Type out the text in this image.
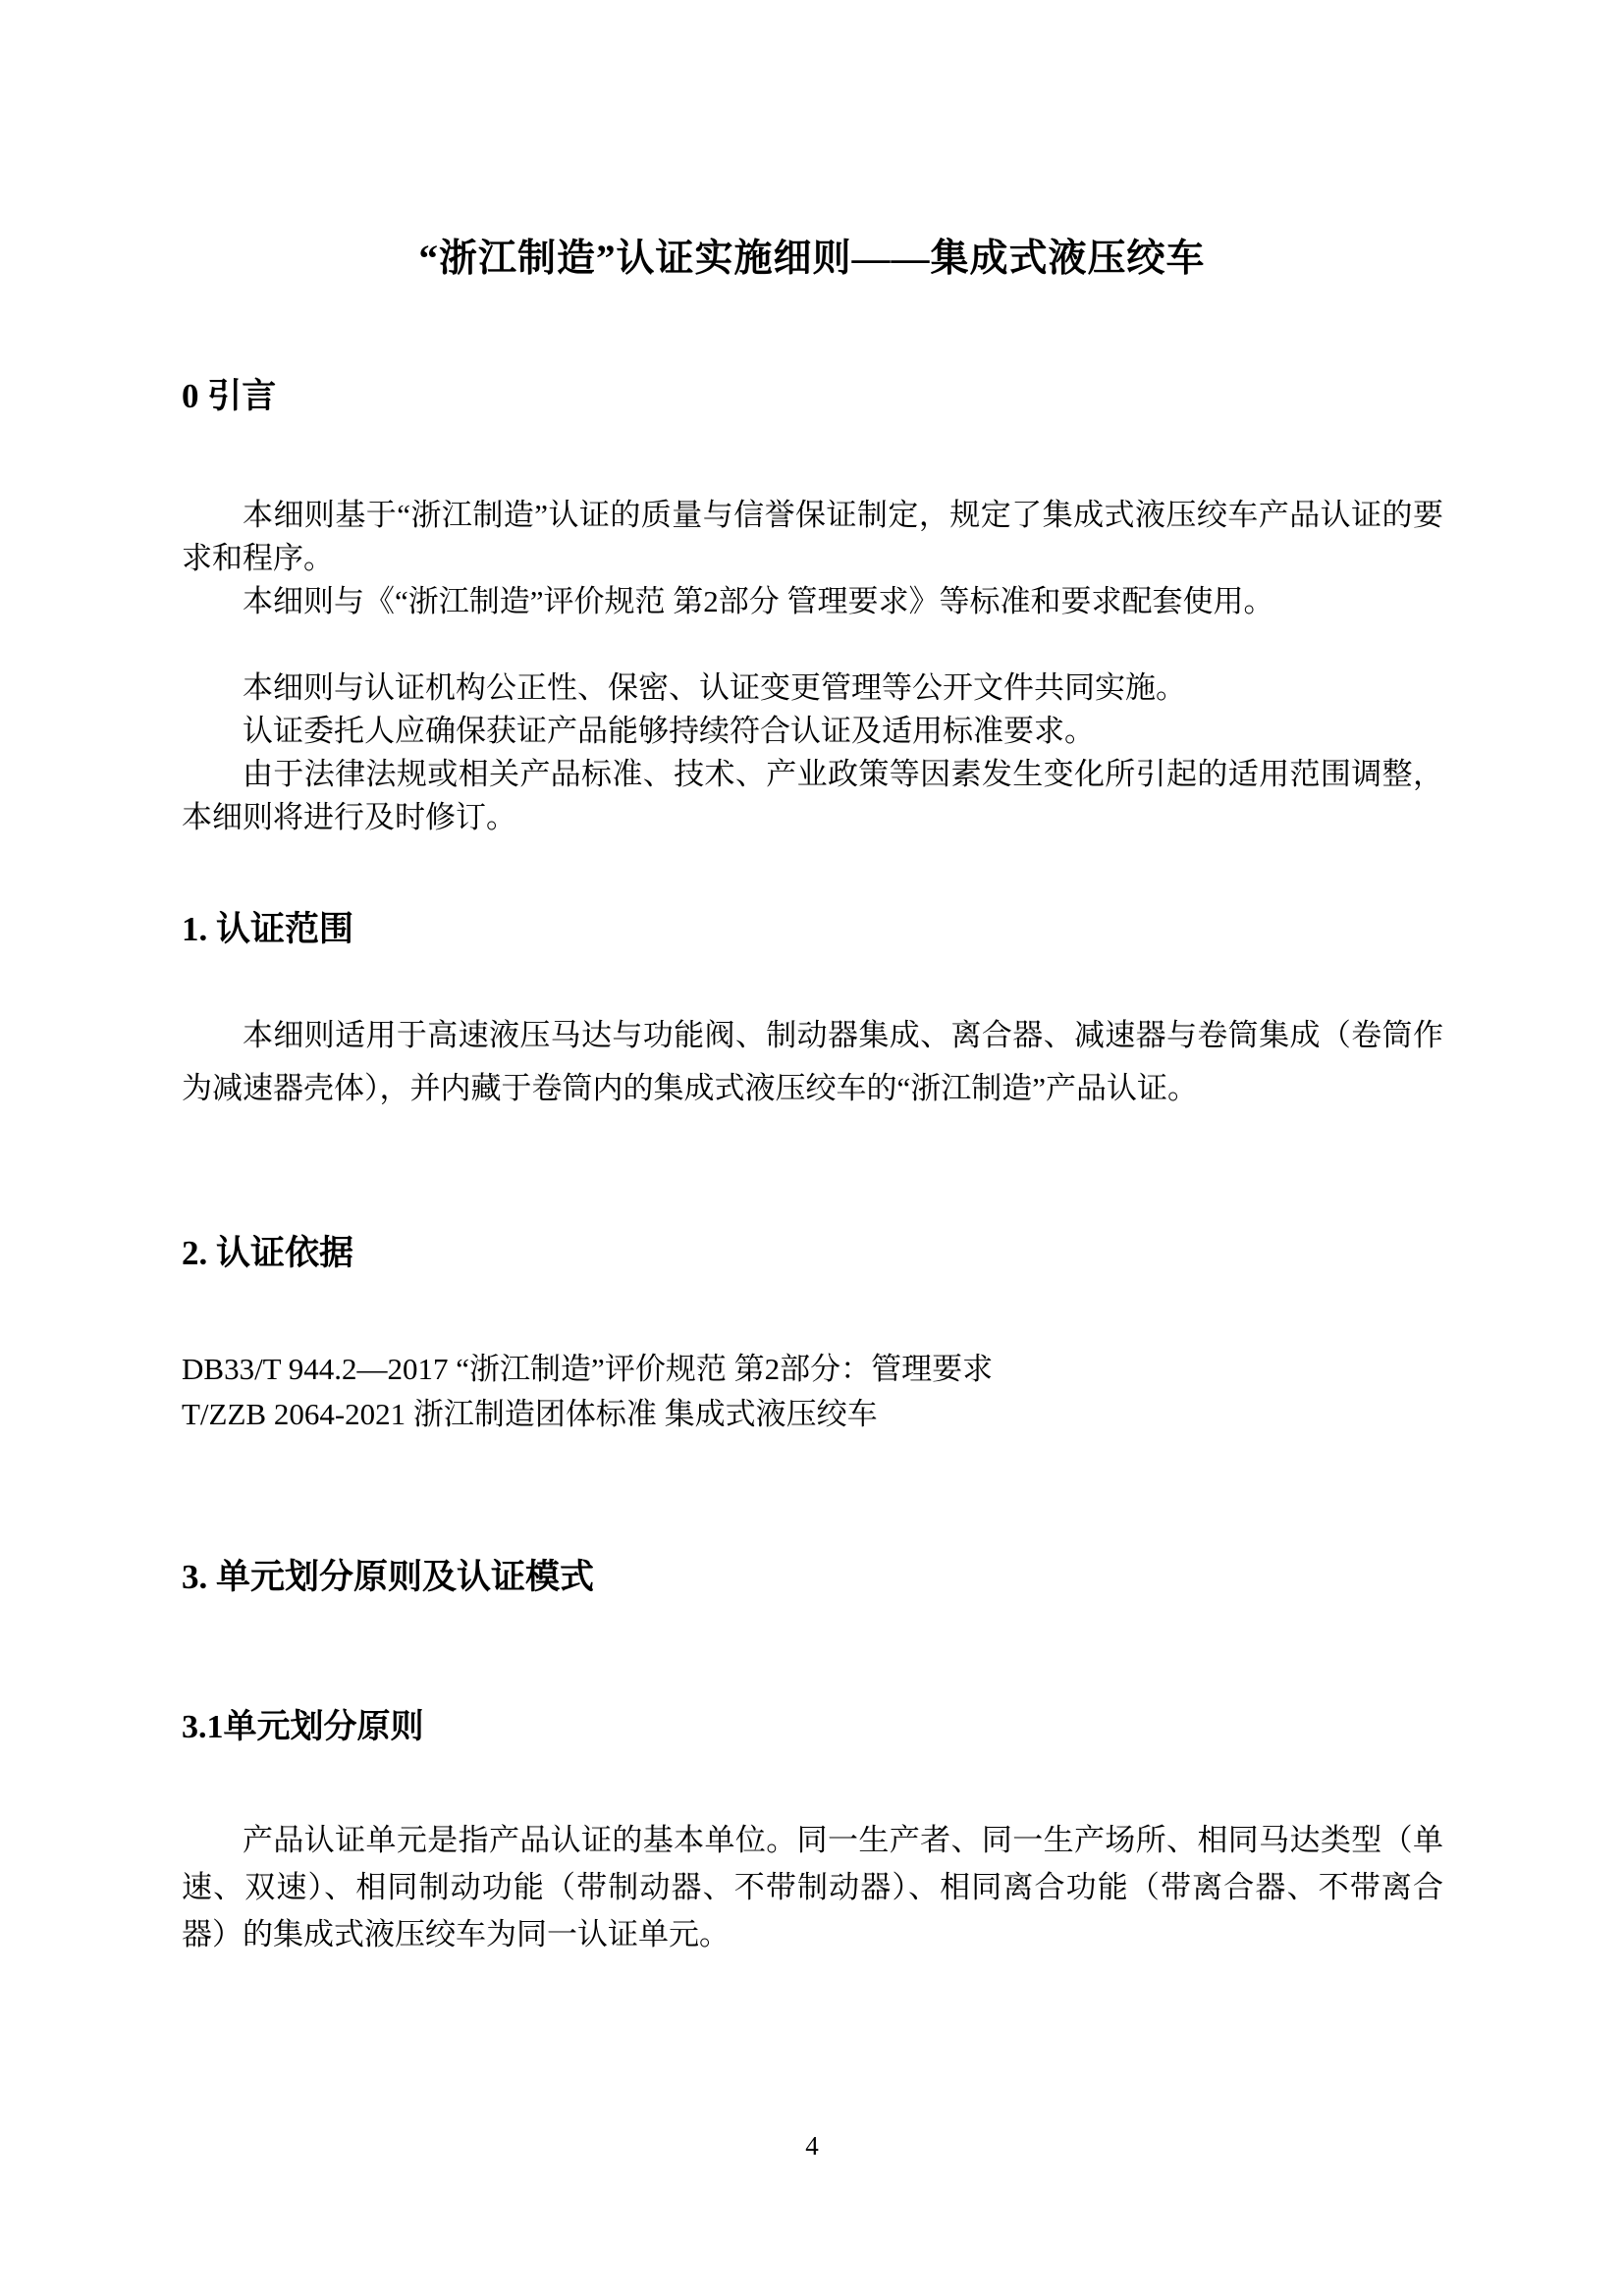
“浙江制造”认证实施细则——集成式液压绞车
0 引言

本细则基于“浙江制造”认证的质量与信誉保证制定，规定了集成式液压绞车产品认证的要求和程序。

本细则与《“浙江制造”评价规范 第2部分 管理要求》等标准和要求配套使用。

本细则与认证机构公正性、保密、认证变更管理等公开文件共同实施。

认证委托人应确保获证产品能够持续符合认证及适用标准要求。

由于法律法规或相关产品标准、技术、产业政策等因素发生变化所引起的适用范围调整，本细则将进行及时修订。

1. 认证范围

本细则适用于高速液压马达与功能阀、制动器集成、离合器、减速器与卷筒集成（卷筒作为减速器壳体），并内藏于卷筒内的集成式液压绞车的“浙江制造”产品认证。

2. 认证依据

DB33/T 944.2—2017 “浙江制造”评价规范 第2部分：管理要求

T/ZZB 2064-2021 浙江制造团体标准 集成式液压绞车

3. 单元划分原则及认证模式
3.1单元划分原则

产品认证单元是指产品认证的基本单位。同一生产者、同一生产场所、相同马达类型（单速、双速）、相同制动功能（带制动器、不带制动器）、相同离合功能（带离合器、不带离合器）的集成式液压绞车为同一认证单元。

4
